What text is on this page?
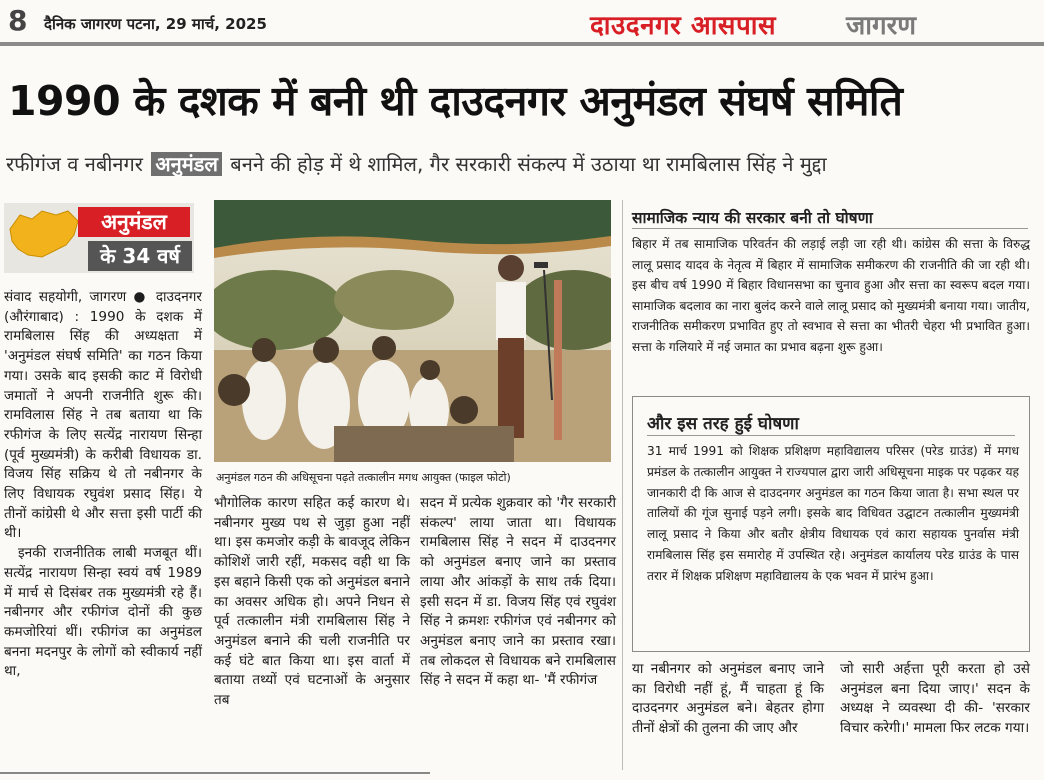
8 दैनिक जागरण पटना, 29 मार्च, 2025	दाउदनगर आसपास	जागरण
1990 के दशक में बनी थी दाउदनगर अनुमंडल संघर्ष समिति
रफीगंज व नबीनगर अनुमंडल बनने की होड़ में थे शामिल, गैर सरकारी संकल्प में उठाया था रामबिलास सिंह ने मुद्दा
अनुमंडल
के 34 वर्ष

संवाद सहयोगी, जागरण ● दाउदनगर (औरंगाबाद) : 1990 के दशक में रामबिलास सिंह की अध्यक्षता में 'अनुमंडल संघर्ष समिति' का गठन किया गया। उसके बाद इसकी काट में विरोधी जमातों ने अपनी राजनीति शुरू की। रामविलास सिंह ने तब बताया था कि रफीगंज के लिए सत्येंद्र नारायण सिन्हा (पूर्व मुख्यमंत्री) के करीबी विधायक डा. विजय सिंह सक्रिय थे तो नबीनगर के लिए विधायक रघुवंश प्रसाद सिंह। ये तीनों कांग्रेसी थे और सत्ता इसी पार्टी की थी।

इनकी राजनीतिक लाबी मजबूत थीं। सत्येंद्र नारायण सिन्हा स्वयं वर्ष 1989 में मार्च से दिसंबर तक मुख्यमंत्री रहे हैं। नबीनगर और रफीगंज दोनों की कुछ कमजोरियां थीं। रफीगंज का अनुमंडल बनना मदनपुर के लोगों को स्वीकार्य नहीं था,

अनुमंडल गठन की अधिसूचना पढ़ते तत्कालीन मगध आयुक्त (फाइल फोटो)

भौगोलिक कारण सहित कई कारण थे। नबीनगर मुख्य पथ से जुड़ा हुआ नहीं था। इस कमजोर कड़ी के बावजूद लेकिन कोशिशें जारी रहीं, मकसद वही था कि इस बहाने किसी एक को अनुमंडल बनाने का अवसर अधिक हो। अपने निधन से पूर्व तत्कालीन मंत्री रामबिलास सिंह ने अनुमंडल बनाने की चली राजनीति पर कई घंटे बात किया था। इस वार्ता में बताया तथ्यों एवं घटनाओं के अनुसार तब

सदन में प्रत्येक शुक्रवार को 'गैर सरकारी संकल्प' लाया जाता था। विधायक रामबिलास सिंह ने सदन में दाउदनगर को अनुमंडल बनाए जाने का प्रस्ताव लाया और आंकड़ों के साथ तर्क दिया। इसी सदन में डा. विजय सिंह एवं रघुवंश सिंह ने क्रमशः रफीगंज एवं नबीनगर को अनुमंडल बनाए जाने का प्रस्ताव रखा। तब लोकदल से विधायक बने रामबिलास सिंह ने सदन में कहा था- 'मैं रफीगंज

सामाजिक न्याय की सरकार बनी तो घोषणा
बिहार में तब सामाजिक परिवर्तन की लड़ाई लड़ी जा रही थी। कांग्रेस की सत्ता के विरुद्ध लालू प्रसाद यादव के नेतृत्व में बिहार में सामाजिक समीकरण की राजनीति की जा रही थी। इस बीच वर्ष 1990 में बिहार विधानसभा का चुनाव हुआ और सत्ता का स्वरूप बदल गया। सामाजिक बदलाव का नारा बुलंद करने वाले लालू प्रसाद को मुख्यमंत्री बनाया गया। जातीय, राजनीतिक समीकरण प्रभावित हुए तो स्वभाव से सत्ता का भीतरी चेहरा भी प्रभावित हुआ। सत्ता के गलियारे में नई जमात का प्रभाव बढ़ना शुरू हुआ।
और इस तरह हुई घोषणा
31 मार्च 1991 को शिक्षक प्रशिक्षण महाविद्यालय परिसर (परेड ग्राउंड) में मगध प्रमंडल के तत्कालीन आयुक्त ने राज्यपाल द्वारा जारी अधिसूचना माइक पर पढ़कर यह जानकारी दी कि आज से दाउदनगर अनुमंडल का गठन किया जाता है। सभा स्थल पर तालियों की गूंज सुनाई पड़ने लगी। इसके बाद विधिवत उद्घाटन तत्कालीन मुख्यमंत्री लालू प्रसाद ने किया और बतौर क्षेत्रीय विधायक एवं कारा सहायक पुनर्वास मंत्री रामबिलास सिंह इस समारोह में उपस्थित रहे। अनुमंडल कार्यालय परेड ग्राउंड के पास तरार में शिक्षक प्रशिक्षण महाविद्यालय के एक भवन में प्रारंभ हुआ।

या नबीनगर को अनुमंडल बनाए जाने का विरोधी नहीं हूं, मैं चाहता हूं कि दाउदनगर अनुमंडल बने। बेहतर होगा तीनों क्षेत्रों की तुलना की जाए और

जो सारी अर्हत्ता पूरी करता हो उसे अनुमंडल बना दिया जाए।' सदन के अध्यक्ष ने व्यवस्था दी की- 'सरकार विचार करेगी।' मामला फिर लटक गया।
